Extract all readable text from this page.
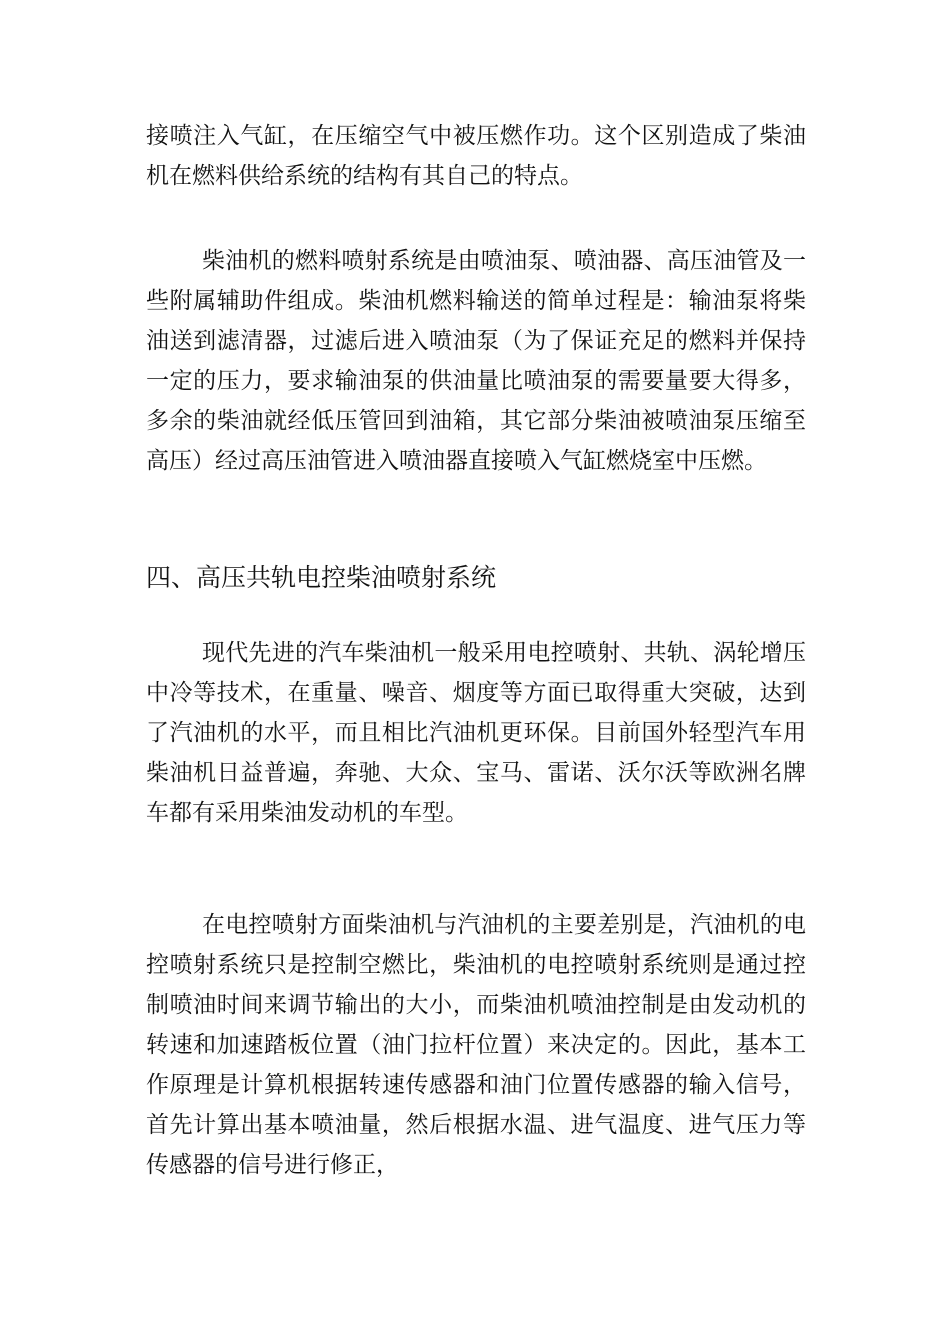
接喷注入气缸，在压缩空气中被压燃作功。这个区别造成了柴油机在燃料供给系统的结构有其自己的特点。

柴油机的燃料喷射系统是由喷油泵、喷油器、高压油管及一些附属辅助件组成。柴油机燃料输送的简单过程是：输油泵将柴油送到滤清器，过滤后进入喷油泵（为了保证充足的燃料并保持一定的压力，要求输油泵的供油量比喷油泵的需要量要大得多，多余的柴油就经低压管回到油箱，其它部分柴油被喷油泵压缩至高压）经过高压油管进入喷油器直接喷入气缸燃烧室中压燃。

四、高压共轨电控柴油喷射系统

现代先进的汽车柴油机一般采用电控喷射、共轨、涡轮增压中冷等技术，在重量、噪音、烟度等方面已取得重大突破，达到了汽油机的水平，而且相比汽油机更环保。目前国外轻型汽车用柴油机日益普遍，奔驰、大众、宝马、雷诺、沃尔沃等欧洲名牌车都有采用柴油发动机的车型。

在电控喷射方面柴油机与汽油机的主要差别是，汽油机的电控喷射系统只是控制空燃比，柴油机的电控喷射系统则是通过控制喷油时间来调节输出的大小，而柴油机喷油控制是由发动机的转速和加速踏板位置（油门拉杆位置）来决定的。因此，基本工作原理是计算机根据转速传感器和油门位置传感器的输入信号，首先计算出基本喷油量，然后根据水温、进气温度、进气压力等传感器的信号进行修正，
